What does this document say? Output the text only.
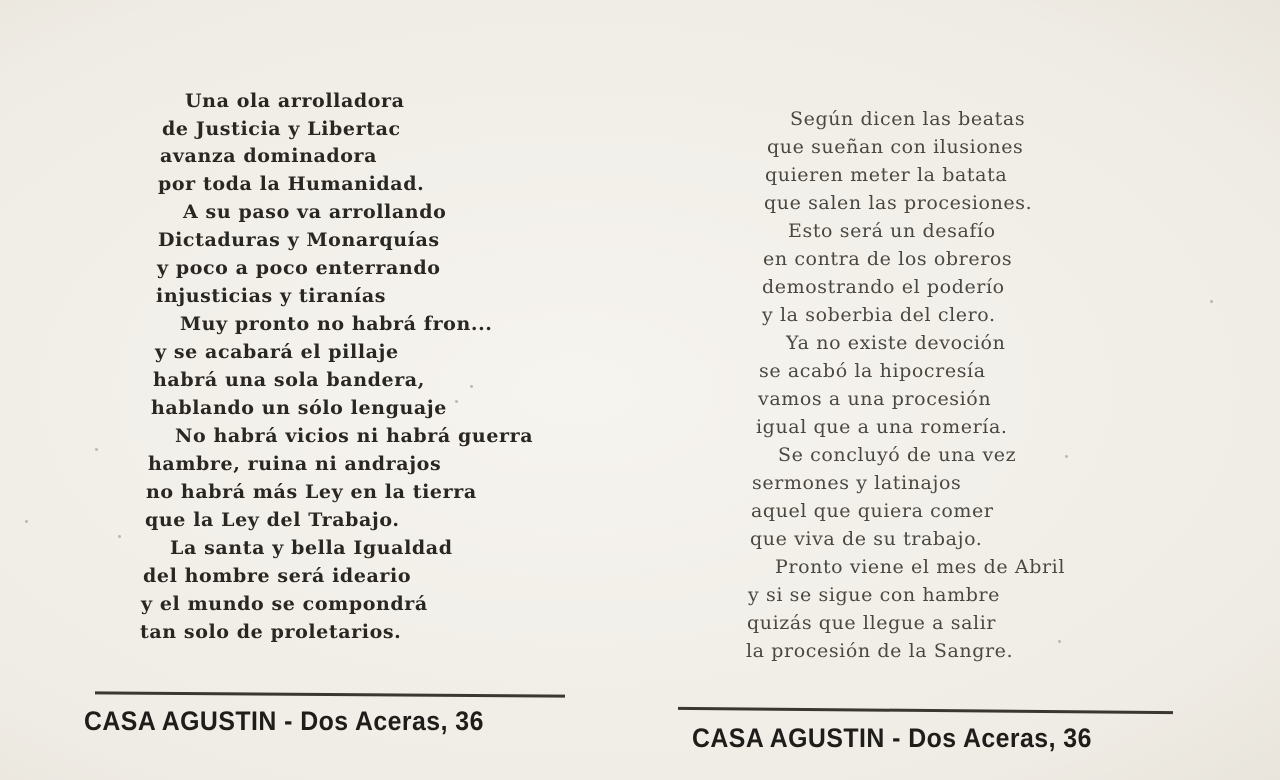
Una ola arrolladora
de Justicia y Libertac
avanza dominadora
por toda la Humanidad.
A su paso va arrollando
Dictaduras y Monarquías
y poco a poco enterrando
injusticias y tiranías
Muy pronto no habrá fron...
y se acabará el pillaje
habrá una sola bandera,
hablando un sólo lenguaje
No habrá vicios ni habrá guerra
hambre, ruina ni andrajos
no habrá más Ley en la tierra
que la Ley del Trabajo.
La santa y bella Igualdad
del hombre será ideario
y el mundo se compondrá
tan solo de proletarios.
CASA AGUSTIN - Dos Aceras, 36
Según dicen las beatas
que sueñan con ilusiones
quieren meter la batata
que salen las procesiones.
Esto será un desafío
en contra de los obreros
demostrando el poderío
y la soberbia del clero.
Ya no existe devoción
se acabó la hipocresía
vamos a una procesión
igual que a una romería.
Se concluyó de una vez
sermones y latinajos
aquel que quiera comer
que viva de su trabajo.
Pronto viene el mes de Abril
y si se sigue con hambre
quizás que llegue a salir
la procesión de la Sangre.
CASA AGUSTIN - Dos Aceras, 36
